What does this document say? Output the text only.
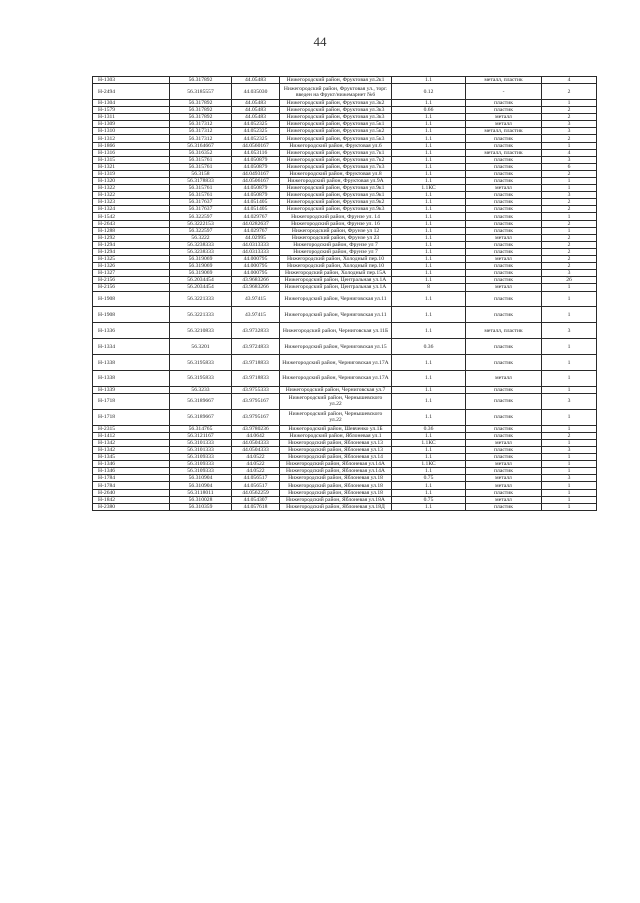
44
Н-1303	56.317892	44.05483	Нижегородский район, Фруктовая ул.2к1	1.1	металл, пластик	4
Н-2494	56.3185557	44.035030	Нижегородский район, Фруктовая ул., торг. введен на Фрукт/нижемарнет №6	0.12	-	2
Н-1304	56.317892	44.05483	Нижегородский район, Фруктовая ул.3к2	1.1	пластик	1
Н-1579	56.317892	44.05483	Нижегородский район, Фруктовая ул.3к3	0.66	пластик	2
Н-1311	56.317892	44.05483	Нижегородский район, Фруктовая ул.3к3	1.1	металл	2
Н-1309	56.317312	44.052325	Нижегородский район, Фруктовая ул.5к1	1.1	металл	3
Н-1310	56.317312	44.052325	Нижегородский район, Фруктовая ул.5к2	1.1	металл, пластик	3
Н-1312	56.317312	44.052325	Нижегородский район, Фруктовая ул.5к3	1.1	пластик	2
Н-1866	56.3164667	44.0560167	Нижегородский район, Фруктовая ул.6	1.1	пластик	1
Н-1316	56.316352	44.053116	Нижегородский район, Фруктовая ул.7к1	1.1	металл, пластик	4
Н-1315	56.315761	44.050879	Нижегородский район, Фруктовая ул.7к2	1.1	пластик	3
Н-1321	56.315761	44.050879	Нижегородский район, Фруктовая ул.7к3	1.1	пластик	6
Н-1319	56.3158	44.0493167	Нижегородский район, Фруктовая ул.8	1.1	пластик	2
Н-1320	56.3178833	44.0506167	Нижегородский район, Фруктовая ул.9А	1.1	пластик	1
Н-1322	56.315761	44.050879	Нижегородский район, Фруктовая ул.9к1	1.1КС	металл	1
Н-1322	56.315761	44.050879	Нижегородский район, Фруктовая ул.9к1	1.1	пластик	3
Н-1323	56.317637	44.051405	Нижегородский район, Фруктовая ул.9к2	1.1	пластик	2
Н-1324	56.317637	44.051405	Нижегородский район, Фруктовая ул.9к3	1.1	пластик	2
Н-1542	56.322597	44.029767	Нижегородский район, Фрунзе ул. 14	1.1	пластик	1
Н-2643	56.3222153	44.0282637	Нижегородский район, Фрунзе ул. 16	1.1	пластик	2
Н-1288	56.322597	44.029767	Нижегородский район, Фрунзе ул 12	1.1	пластик	1
Н-1292	56.3222	44.02995	Нижегородский район, Фрунзе ул 23	1.1	металл	2
Н-1294	56.3238333	44.0313333	Нижегородский район, Фрунзе ул 7	1.1	пластик	2
Н-1294	56.3238333	44.0313333	Нижегородский район, Фрунзе ул 7	1.1	пластик	2
Н-1325	56.319069	44.000795	Нижегородский район, Холодный пер.10	1.1	металл	2
Н-1326	56.319069	44.000795	Нижегородский район, Холодный пер.10	1.1	пластик	2
Н-1327	56.319069	44.000795	Нижегородский район, Холодный пер.15А	1.1	пластик	3
Н-2156	56.2034454	43.9683266	Нижегородский район, Центральная ул.1А	1.1	пластик	26
Н-2156	56.2034454	43.9683266	Нижегородский район, Центральная ул.1А	8	металл	1
Н-1908	56.3221333	43.97415	Нижегородский район, Черниговская ул.11	1.1	пластик	1
Н-1908	56.3221333	43.97415	Нижегородский район, Черниговская ул.11	1.1	пластик	1
Н-1336	56.3210833	43.9732833	Нижегородский район, Черниговская ул.11Б	1.1	металл, пластик	3
Н-1334	56.3201	43.9724833	Нижегородский район, Черниговская ул.15	0.36	пластик	1
Н-1338	56.3195833	43.9718833	Нижегородский район, Черниговская ул.17А	1.1	пластик	1
Н-1338	56.3195833	43.9718833	Нижегородский район, Черниговская ул.17А	1.1	металл	1
Н-1339	56.3233	43.9755333	Нижегородский район, Черниговская ул.7	1.1	пластик	1
Н-1718	56.3189667	43.9795167	Нижегородский район, Чернышевского ул.22	1.1	пластик	3
Н-1718	56.3189667	43.9795167	Нижегородский район, Чернышевского ул.22	1.1	пластик	1
Н-2315	56.314765	43.9780236	Нижегородский район, Шевченко ул.1Б	0.36	пластик	1
Н-1412	56.3121167	44.0642	Нижегородский район, Яблоневая ул.1	1.1	пластик	2
Н-1342	56.3101333	44.0504333	Нижегородский район, Яблоневая ул.13	1.1КС	металл	1
Н-1342	56.3101333	44.0504333	Нижегородский район, Яблоневая ул.13	1.1	пластик	3
Н-1345	56.3109333	44.0522	Нижегородский район, Яблоневая ул.14	1.1	пластик	1
Н-1346	56.3109333	44.0522	Нижегородский район, Яблоневая ул.14А	1.1КС	металл	1
Н-1346	56.3109333	44.0522	Нижегородский район, Яблоневая ул.14А	1.1	пластик	1
Н-1784	56.310904	44.056517	Нижегородский район, Яблоневая ул.18	0.75	металл	3
Н-1784	56.310904	44.056517	Нижегородский район, Яблоневая ул.18	1.1	металл	1
Н-2640	56.3118011	44.0562259	Нижегородский район, Яблоневая ул.18	1.1	пластик	1
Н-1842	56.310028	44.054307	Нижегородский район, Яблоневая ул.18А	0.75	металл	1
Н-2380	56.310359	44.057618	Нижегородский район, Яблоневая ул.18Д	1.1	пластик	1
